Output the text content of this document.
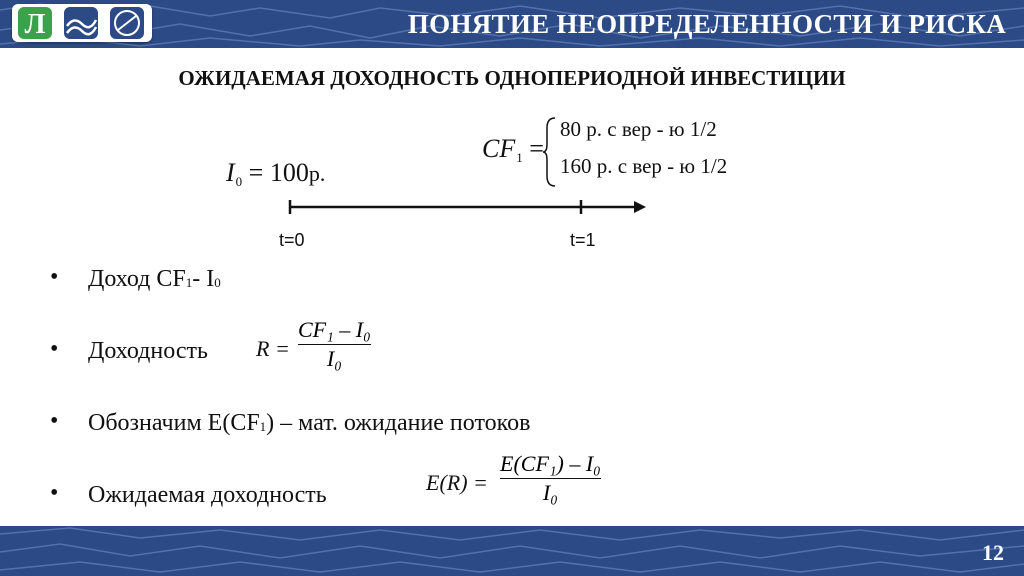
Л	ПОНЯТИЕ НЕОПРЕДЕЛЕННОСТИ И РИСКА
ОЖИДАЕМАЯ ДОХОДНОСТЬ ОДНОПЕРИОДНОЙ ИНВЕСТИЦИИ
I0 = 100р.
CF1 =
80 р. с вер - ю 1/2
160 р. с вер - ю 1/2
t=0	t=1
• Доход CF1- I0
• Доходность R =
CF₁ – I₀
I₀
• Обозначим E(CF1) – мат. ожидание потоков
• Ожидаемая доходность	E(R) =
E(CF₁) – I₀
I₀
12
